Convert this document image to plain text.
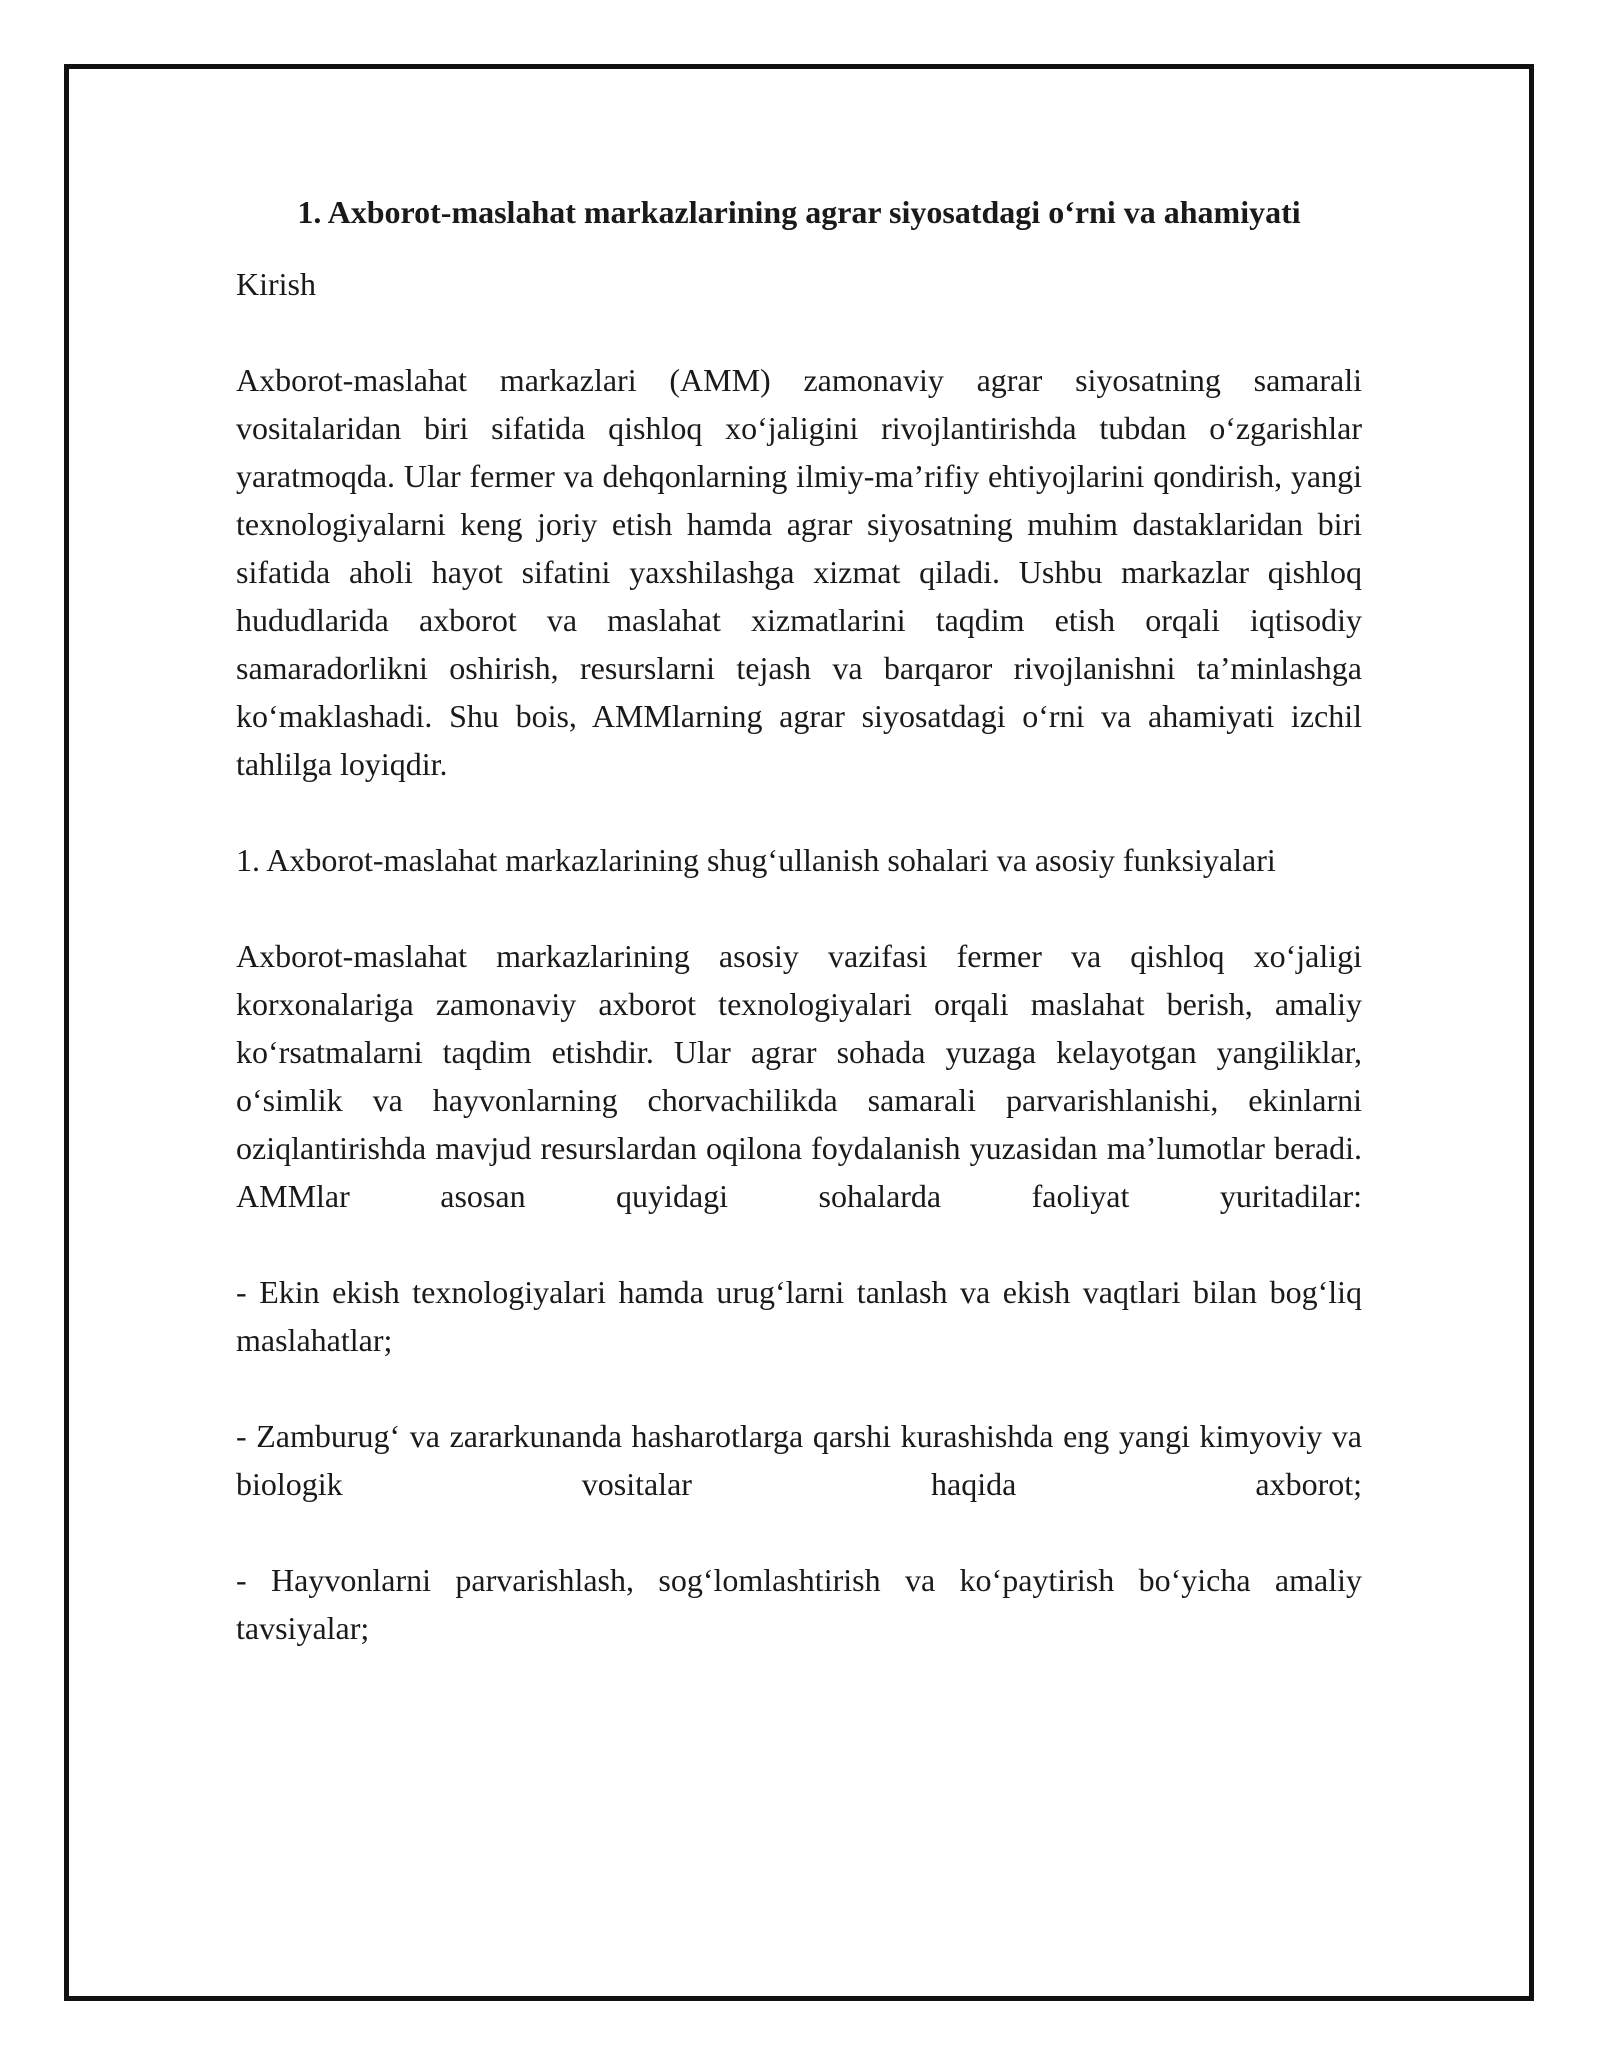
1. Axborot-maslahat markazlarining agrar siyosatdagi o‘rni va ahamiyati

Kirish

Axborot-maslahat markazlari (AMM) zamonaviy agrar siyosatning samarali vositalaridan biri sifatida qishloq xo‘jaligini rivojlantirishda tubdan o‘zgarishlar yaratmoqda. Ular fermer va dehqonlarning ilmiy-ma’rifiy ehtiyojlarini qondirish, yangi texnologiyalarni keng joriy etish hamda agrar siyosatning muhim dastaklaridan biri sifatida aholi hayot sifatini yaxshilashga xizmat qiladi. Ushbu markazlar qishloq hududlarida axborot va maslahat xizmatlarini taqdim etish orqali iqtisodiy samaradorlikni oshirish, resurslarni tejash va barqaror rivojlanishni ta’minlashga ko‘maklashadi. Shu bois, AMMlarning agrar siyosatdagi o‘rni va ahamiyati izchil tahlilga loyiqdir.

1. Axborot-maslahat markazlarining shug‘ullanish sohalari va asosiy funksiyalari

Axborot-maslahat markazlarining asosiy vazifasi fermer va qishloq xo‘jaligi korxonalariga zamonaviy axborot texnologiyalari orqali maslahat berish, amaliy ko‘rsatmalarni taqdim etishdir. Ular agrar sohada yuzaga kelayotgan yangiliklar, o‘simlik va hayvonlarning chorvachilikda samarali parvarishlanishi, ekinlarni oziqlantirishda mavjud resurslardan oqilona foydalanish yuzasidan ma’lumotlar beradi. AMMlar asosan quyidagi sohalarda faoliyat yuritadilar:

- Ekin ekish texnologiyalari hamda urug‘larni tanlash va ekish vaqtlari bilan bog‘liq maslahatlar;

- Zamburug‘ va zararkunanda hasharotlarga qarshi kurashishda eng yangi kimyoviy va biologik vositalar haqida axborot;

- Hayvonlarni parvarishlash, sog‘lomlashtirish va ko‘paytirish bo‘yicha amaliy tavsiyalar;
